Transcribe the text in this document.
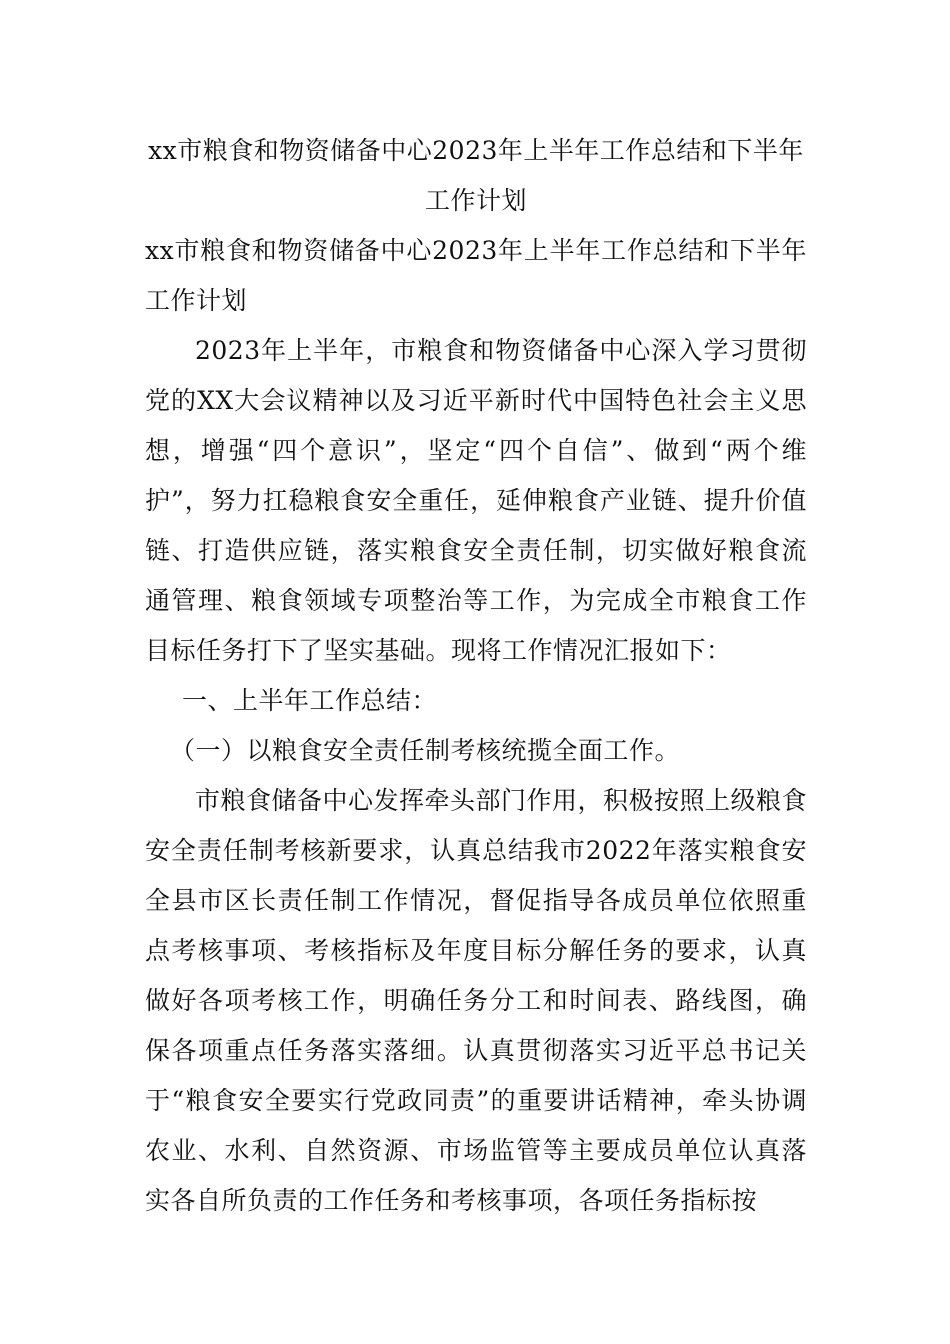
xx市粮食和物资储备中心2023年上半年工作总结和下半年工作计划

xx市粮食和物资储备中心2023年上半年工作总结和下半年工作计划

2023年上半年，市粮食和物资储备中心深入学习贯彻党的XX大会议精神以及习近平新时代中国特色社会主义思想，增强“四个意识”，坚定“四个自信”、做到“两个维护”，努力扛稳粮食安全重任，延伸粮食产业链、提升价值链、打造供应链，落实粮食安全责任制，切实做好粮食流通管理、粮食领域专项整治等工作，为完成全市粮食工作目标任务打下了坚实基础。现将工作情况汇报如下：

一、上半年工作总结：

（一）以粮食安全责任制考核统揽全面工作。

市粮食储备中心发挥牵头部门作用，积极按照上级粮食安全责任制考核新要求，认真总结我市2022年落实粮食安全县市区长责任制工作情况，督促指导各成员单位依照重点考核事项、考核指标及年度目标分解任务的要求，认真做好各项考核工作，明确任务分工和时间表、路线图，确保各项重点任务落实落细。认真贯彻落实习近平总书记关于“粮食安全要实行党政同责”的重要讲话精神，牵头协调农业、水利、自然资源、市场监管等主要成员单位认真落实各自所负责的工作任务和考核事项，各项任务指标按
